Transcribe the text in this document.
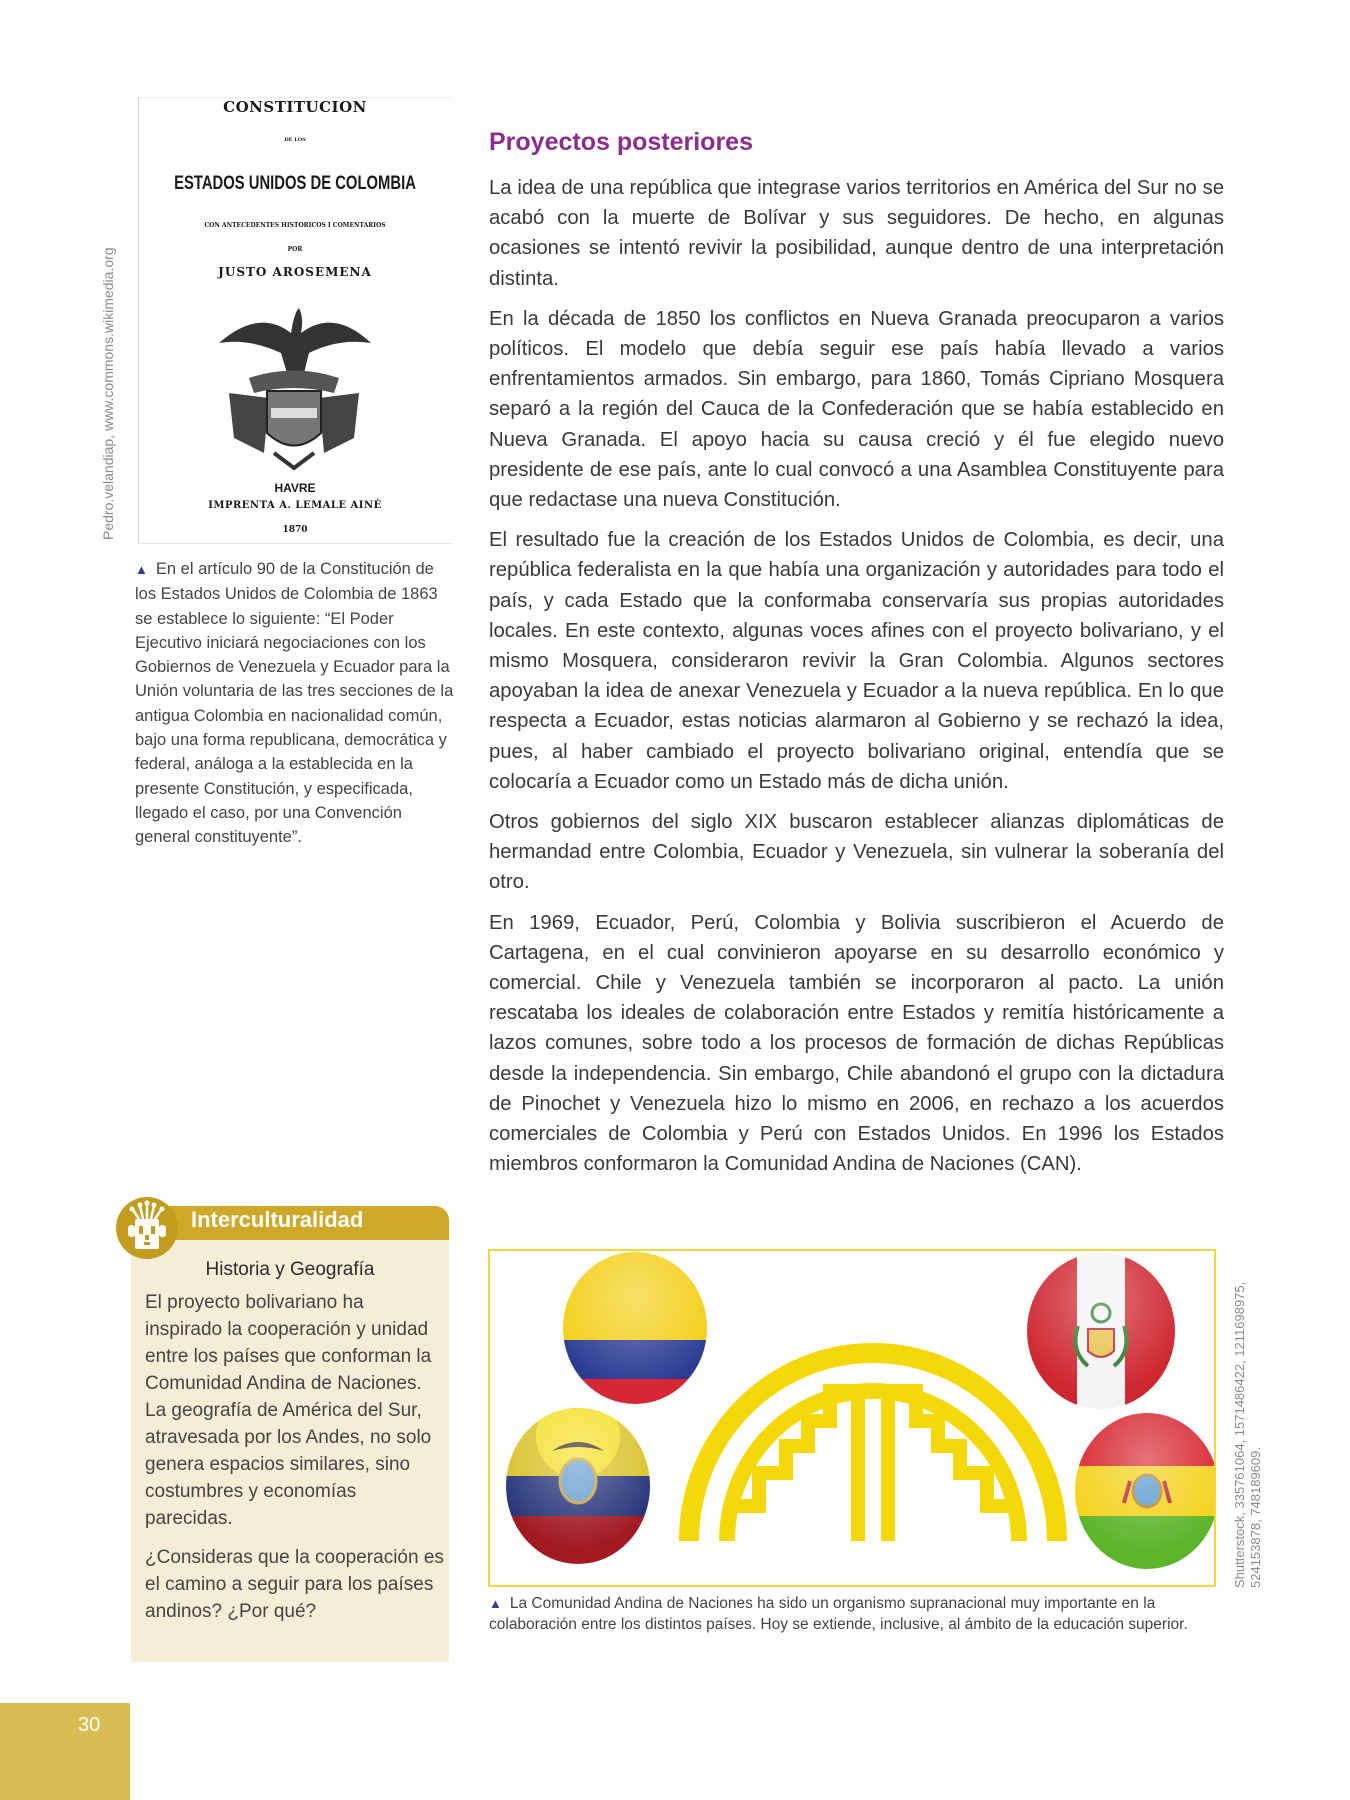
CONSTITUCION
DE LOS
ESTADOS UNIDOS DE COLOMBIA
CON ANTECEDENTES HISTORICOS I COMENTARIOS
POR
JUSTO AROSEMENA
HAVRE
IMPRENTA A. LEMALE AINÉ
1870
Pedro.velandiap, www.commons.wikimedia.org
▲ En el artículo 90 de la Constitución de los Estados Unidos de Colombia de 1863 se establece lo siguiente: “El Poder Ejecutivo iniciará negociaciones con los Gobiernos de Venezuela y Ecuador para la Unión voluntaria de las tres secciones de la antigua Colombia en nacionalidad común, bajo una forma republicana, democrática y federal, análoga a la establecida en la presente Constitución, y especificada, llegado el caso, por una Convención general constituyente”.
Proyectos posteriores

La idea de una república que integrase varios territorios en América del Sur no se acabó con la muerte de Bolívar y sus seguidores. De hecho, en algunas ocasiones se intentó revivir la posibilidad, aunque dentro de una interpretación distinta.

En la década de 1850 los conflictos en Nueva Granada preocuparon a varios políticos. El modelo que debía seguir ese país había llevado a varios enfrentamientos armados. Sin embargo, para 1860, Tomás Cipriano Mosquera separó a la región del Cauca de la Confederación que se había establecido en Nueva Granada. El apoyo hacia su causa creció y él fue elegido nuevo presidente de ese país, ante lo cual convocó a una Asamblea Constituyente para que redactase una nueva Constitución.

El resultado fue la creación de los Estados Unidos de Colombia, es decir, una república federalista en la que había una organización y autoridades para todo el país, y cada Estado que la conformaba conservaría sus propias autoridades locales. En este contexto, algunas voces afines con el proyecto bolivariano, y el mismo Mosquera, consideraron revivir la Gran Colombia. Algunos sectores apoyaban la idea de anexar Venezuela y Ecuador a la nueva república. En lo que respecta a Ecuador, estas noticias alarmaron al Gobierno y se rechazó la idea, pues, al haber cambiado el proyecto bolivariano original, entendía que se colocaría a Ecuador como un Estado más de dicha unión.

Otros gobiernos del siglo XIX buscaron establecer alianzas diplomáticas de hermandad entre Colombia, Ecuador y Venezuela, sin vulnerar la soberanía del otro.

En 1969, Ecuador, Perú, Colombia y Bolivia suscribieron el Acuerdo de Cartagena, en el cual convinieron apoyarse en su desarrollo económico y comercial. Chile y Venezuela también se incorporaron al pacto. La unión rescataba los ideales de colaboración entre Estados y remitía históricamente a lazos comunes, sobre todo a los procesos de formación de dichas Repúblicas desde la independencia. Sin embargo, Chile abandonó el grupo con la dictadura de Pinochet y Venezuela hizo lo mismo en 2006, en rechazo a los acuerdos comerciales de Colombia y Perú con Estados Unidos. En 1996 los Estados miembros conformaron la Comunidad Andina de Naciones (CAN).

Shutterstock, 335761064, 1571486422, 1211698975, 524153878, 748189609.
▲ La Comunidad Andina de Naciones ha sido un organismo supranacional muy importante en la colaboración entre los distintos países. Hoy se extiende, inclusive, al ámbito de la educación superior.
Interculturalidad
Historia y Geografía

El proyecto bolivariano ha inspirado la cooperación y unidad entre los países que conforman la Comunidad Andina de Naciones. La geografía de América del Sur, atravesada por los Andes, no solo genera espacios similares, sino costumbres y economías parecidas.

¿Consideras que la cooperación es el camino a seguir para los países andinos? ¿Por qué?

30
